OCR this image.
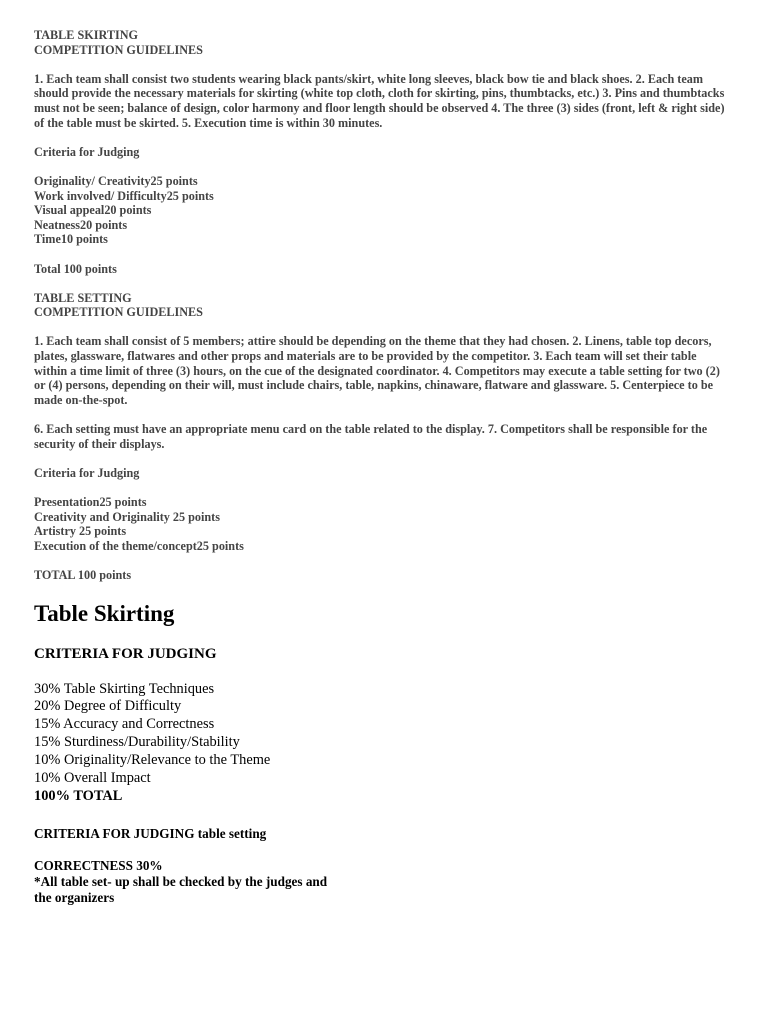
TABLE SKIRTING

COMPETITION GUIDELINES

1. Each team shall consist two students wearing black pants/skirt, white long sleeves, black bow tie and black shoes. 2. Each team should provide the necessary materials for skirting (white top cloth, cloth for skirting, pins, thumbtacks, etc.) 3. Pins and thumbtacks must not be seen; balance of design, color harmony and floor length should be observed 4. The three (3) sides (front, left & right side) of the table must be skirted. 5. Execution time is within 30 minutes.

Criteria for Judging

Originality/ Creativity25 points

Work involved/ Difficulty25 points

Visual appeal20 points

Neatness20 points

Time10 points

Total 100 points

TABLE SETTING

COMPETITION GUIDELINES

1. Each team shall consist of 5 members; attire should be depending on the theme that they had chosen. 2. Linens, table top decors, plates, glassware, flatwares and other props and materials are to be provided by the competitor. 3. Each team will set their table within a time limit of three (3) hours, on the cue of the designated coordinator. 4. Competitors may execute a table setting for two (2) or (4) persons, depending on their will, must include chairs, table, napkins, chinaware, flatware and glassware. 5. Centerpiece to be made on-the-spot.

6. Each setting must have an appropriate menu card on the table related to the display. 7. Competitors shall be responsible for the security of their displays.

Criteria for Judging

Presentation25 points

Creativity and Originality 25 points

Artistry 25 points

Execution of the theme/concept25 points

TOTAL 100 points

Table Skirting
CRITERIA FOR JUDGING
30% Table Skirting Techniques
20% Degree of Difficulty
15% Accuracy and Correctness
15% Sturdiness/Durability/Stability
10% Originality/Relevance to the Theme
10% Overall Impact
100% TOTAL
CRITERIA FOR JUDGING table setting
CORRECTNESS 30%
*All table set- up shall be checked by the judges and
the organizers
